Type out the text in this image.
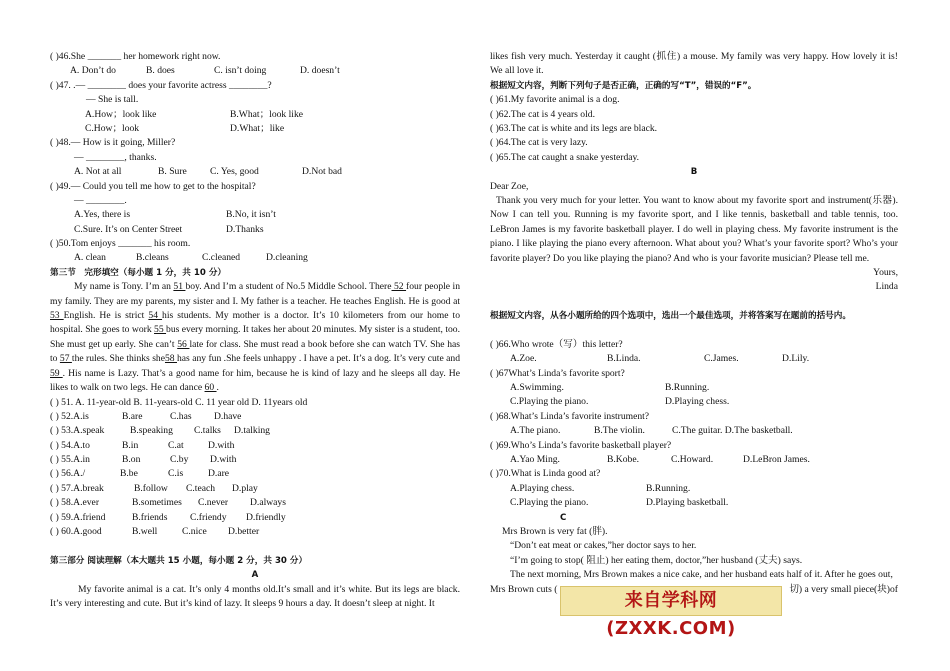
( )46.She _______ her homework right now.
A. Don’t do	B. does	C. isn’t doing	D. doesn’t
( )47. .— ________ does your favorite actress ________?
— She is tall.
A.How；look like	B.What；look like
C.How；look	D.What；like
( )48.— How is it going, Miller?
— ________, thanks.
A. Not at all	B. Sure	C. Yes, good	D.Not bad
( )49.— Could you tell me how to get to the hospital?
— ________.
A.Yes, there is	B.No, it isn’t
C.Sure. It’s on Center Street	D.Thanks
( )50.Tom enjoys _______ his room.
A. clean	B.cleans	C.cleaned	D.cleaning
第三节　完形填空（每小题 1 分，共 10 分）
My name is Tony. I’m an 51 boy. And I’m a student of No.5 Middle School. There 52 four people in my family. They are my parents, my sister and I. My father is a teacher. He teaches English. He is good at 53 English. He is strict 54 his students. My mother is a doctor. It’s 10 kilometers from our home to hospital. She goes to work 55 bus every morning. It takes her about 20 minutes. My sister is a student, too. She must get up early. She can’t 56 late for class. She must read a book before she can watch TV. She has to 57 the rules. She thinks she58 has any fun .She feels unhappy . I have a pet. It’s a dog. It’s very cute and 59 . His name is Lazy. That’s a good name for him, because he is kind of lazy and he sleeps all day. He likes to walk on two legs. He can dance 60 .
( ) 51. A. 11-year-old B. 11-years-old C. 11 year old D. 11years old
( ) 52.A.is	B.are	C.has	D.have
( ) 53.A.speak	B.speaking	C.talks	D.talking
( ) 54.A.to	B.in	C.at	D.with
( ) 55.A.in	B.on	C.by	D.with
( ) 56.A./	B.be	C.is	D.are
( ) 57.A.break	B.follow	C.teach	D.play
( ) 58.A.ever	B.sometimes	C.never	D.always
( ) 59.A.friend	B.friends	C.friendy	D.friendly
( ) 60.A.good	B.well	C.nice	D.better
第三部分 阅读理解（本大题共 15 小题，每小题 2 分，共 30 分）
A
My favorite animal is a cat. It’s only 4 months old.It’s small and it’s white. But its legs are black. It’s very interesting and cute. But it’s kind of lazy. It sleeps 9 hours a day. It doesn’t sleep at night. It
likes fish very much. Yesterday it caught (抓住) a mouse. My family was very happy. How lovely it is! We all love it.
根据短文内容，判断下列句子是否正确，正确的写“T”，错误的“F”。
( )61.My favorite animal is a dog.
( )62.The cat is 4 years old.
( )63.The cat is white and its legs are black.
( )64.The cat is very lazy.
( )65.The cat caught a snake yesterday.
B
Dear Zoe,
Thank you very much for your letter. You want to know about my favorite sport and instrument(乐器). Now I can tell you. Running is my favorite sport, and I like tennis, basketball and table tennis, too. LeBron James is my favorite basketball player. I do well in playing chess. My favorite instrument is the piano. I like playing the piano every afternoon. What about you? What’s your favorite sport? Who’s your favorite player? Do you like playing the piano? And who is your favorite musician? Please tell me.
Yours,
Linda
根据短文内容，从各小题所给的四个选项中，选出一个最佳选项，并将答案写在题前的括号内。
( )66.Who wrote（写）this letter?
A.Zoe.	B.Linda.	C.James.	D.Lily.
( )67What’s Linda’s favorite sport?
A.Swimming.	B.Running.
C.Playing the piano.	D.Playing chess.
( )68.What’s Linda’s favorite instrument?
A.The piano.	B.The violin.	C.The guitar. D.The basketball.
( )69.Who’s Linda’s favorite basketball player?
A.Yao Ming.	B.Kobe.	C.Howard.	D.LeBron James.
( )70.What is Linda good at?
A.Playing chess.	B.Running.
C.Playing the piano.	D.Playing basketball.
C
Mrs Brown is very fat (胖).
“Don’t eat meat or cakes,”her doctor says to her.
“I’m going to stop( 阻止) her eating them, doctor,”her husband (丈夫) says.
The next morning, Mrs Brown makes a nice cake, and her husband eats half of it. After he goes out,
Mrs Brown cuts (	切) a very small piece(块)of
来自学科网(ZXXK.COM)
